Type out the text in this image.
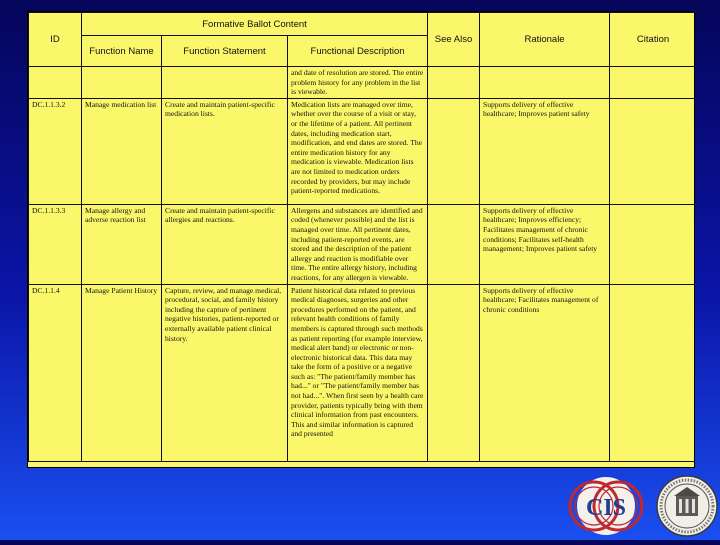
ID	Formative Ballot Content			See Also	Rationale	Citation
	Function Name	Function Statement	Functional Description			
			and date of resolution are stored. The entire problem history for any problem in the list is viewable.			
DC.1.1.3.2	Manage medication list	Create and maintain patient-specific medication lists.	Medication lists are managed over time, whether over the course of a visit or stay, or the lifetime of a patient. All pertinent dates, including medication start, modification, and end dates are stored. The entire medication history for any medication is viewable. Medication lists are not limited to medication orders recorded by providers, but may include patient-reported medications.		Supports delivery of effective healthcare; Improves patient safety	
DC.1.1.3.3	Manage allergy and adverse reaction list	Create and maintain patient-specific allergies and reactions.	Allergens and substances are identified and coded (whenever possible) and the list is managed over time. All pertinent dates, including patient-reported events, are stored and the description of the patient allergy and reaction is modifiable over time. The entire allergy history, including reactions, for any allergen is viewable.		Supports delivery of effective healthcare; Improves efficiency; Facilitates management of chronic conditions; Facilitates self-health management; Improves patient safety	
DC.1.1.4	Manage Patient History	Capture, review, and manage medical, procedural, social, and family history including the capture of pertinent negative histories, patient-reported or externally available patient clinical history.	Patient historical data related to previous medical diagnoses, surgeries and other procedures performed on the patient, and relevant health conditions of family members is captured through such methods as patient reporting (for example interview, medical alert band) or electronic or non-electronic historical data. This data may take the form of a positive or a negative such as: "The patient/family member has had..." or "The patient/family member has not had...". When first seen by a health care provider, patients typically bring with them clinical information from past encounters. This and similar information is captured and presented		Supports delivery of effective healthcare; Facilitates management of chronic conditions	
CIS
